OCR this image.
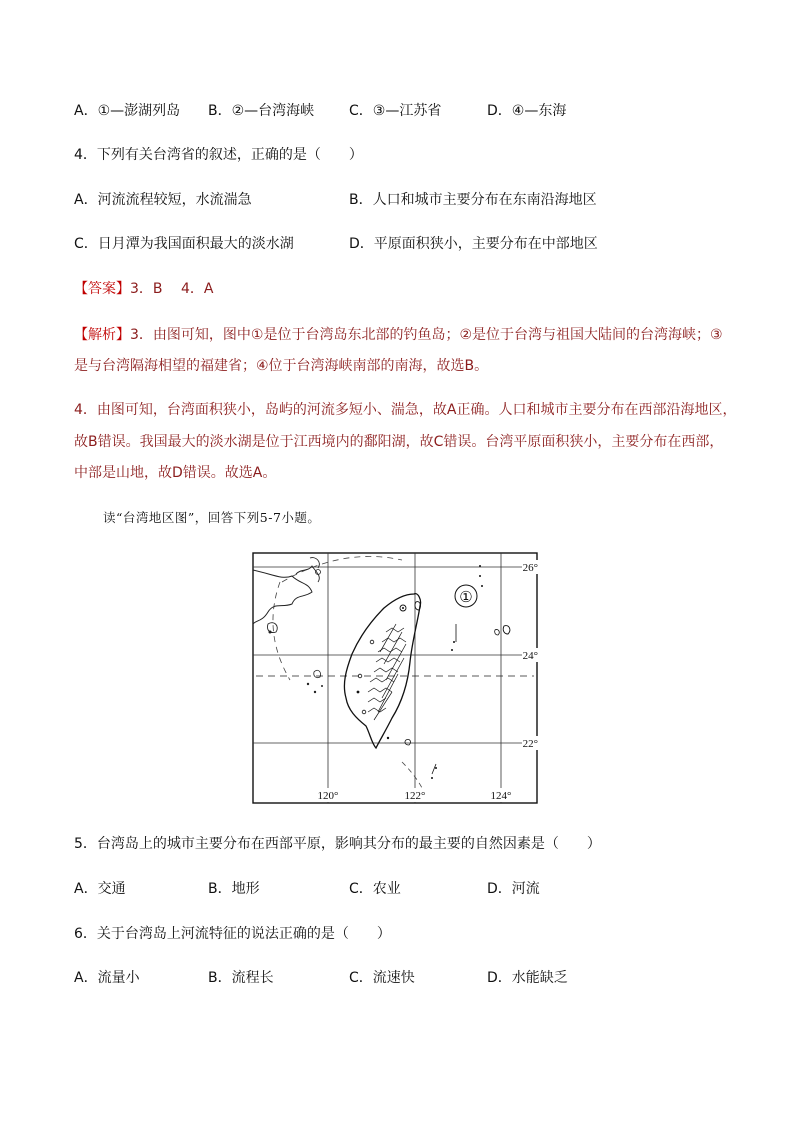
A．①—澎湖列岛 B．②—台湾海峡 C．③—江苏省	D．④—东海
4．下列有关台湾省的叙述，正确的是（　　）
A．河流流程较短，水流湍急	B．人口和城市主要分布在东南沿海地区
C．日月潭为我国面积最大的淡水湖	D．平原面积狭小，主要分布在中部地区
【答案】3．B　 4．A
【解析】3．由图可知，图中①是位于台湾岛东北部的钓鱼岛；②是位于台湾与祖国大陆间的台湾海峡；③
是与台湾隔海相望的福建省；④位于台湾海峡南部的南海，故选B。
4．由图可知，台湾面积狭小，岛屿的河流多短小、湍急，故A正确。人口和城市主要分布在西部沿海地区，
故B错误。我国最大的淡水湖是位于江西境内的鄱阳湖，故C错误。台湾平原面积狭小，主要分布在西部，
中部是山地，故D错误。故选A。
读“台湾地区图”，回答下列5-7小题。
①
26°
24°
22°
120°	122°	124°
5．台湾岛上的城市主要分布在西部平原，影响其分布的最主要的自然因素是（　　）
A．交通	B．地形	C．农业	D．河流
6．关于台湾岛上河流特征的说法正确的是（　　）
A．流量小	B．流程长	C．流速快	D．水能缺乏
